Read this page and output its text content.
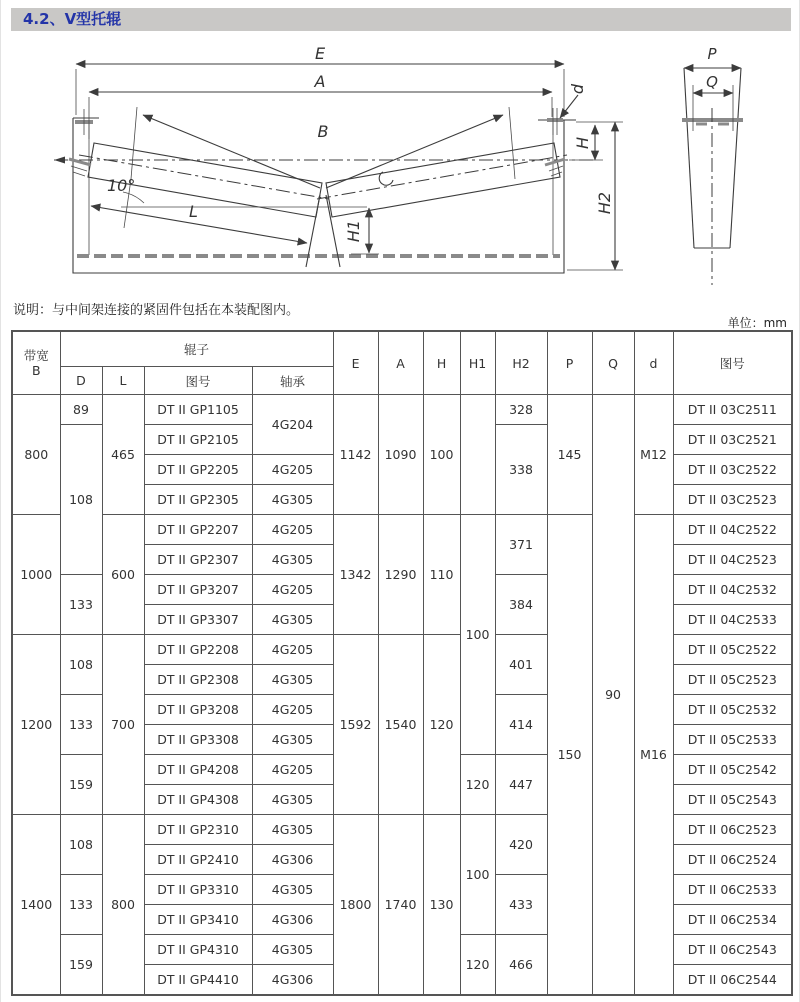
4.2、V型托辊
E
A
B
d
10°
L
H1
H
H2
P
Q
说明：与中间架连接的紧固件包括在本装配图内。
单位：mm
带宽
B	辊子				E	A	H	H1	H2	P	Q	d	图号
	D	L	图号	轴承									
800	89	465	DT II GP1105	4G204	1142	1090	100		328	145	90	M12	DT II 03C2511
	108		DT II GP2105						338				DT II 03C2521
			DT II GP2205	4G205									DT II 03C2522
			DT II GP2305	4G305									DT II 03C2523
1000		600	DT II GP2207	4G205	1342	1290	110	100	371	150		M16	DT II 04C2522
			DT II GP2307	4G305									DT II 04C2523
	133		DT II GP3207	4G205					384				DT II 04C2532
			DT II GP3307	4G305									DT II 04C2533
1200	108	700	DT II GP2208	4G205	1592	1540	120		401				DT II 05C2522
			DT II GP2308	4G305									DT II 05C2523
	133		DT II GP3208	4G205					414				DT II 05C2532
			DT II GP3308	4G305									DT II 05C2533
	159		DT II GP4208	4G205				120	447				DT II 05C2542
			DT II GP4308	4G305									DT II 05C2543
1400	108	800	DT II GP2310	4G305	1800	1740	130	100	420				DT II 06C2523
			DT II GP2410	4G306									DT II 06C2524
	133		DT II GP3310	4G305					433				DT II 06C2533
			DT II GP3410	4G306									DT II 06C2534
	159		DT II GP4310	4G305				120	466				DT II 06C2543
			DT II GP4410	4G306									DT II 06C2544
